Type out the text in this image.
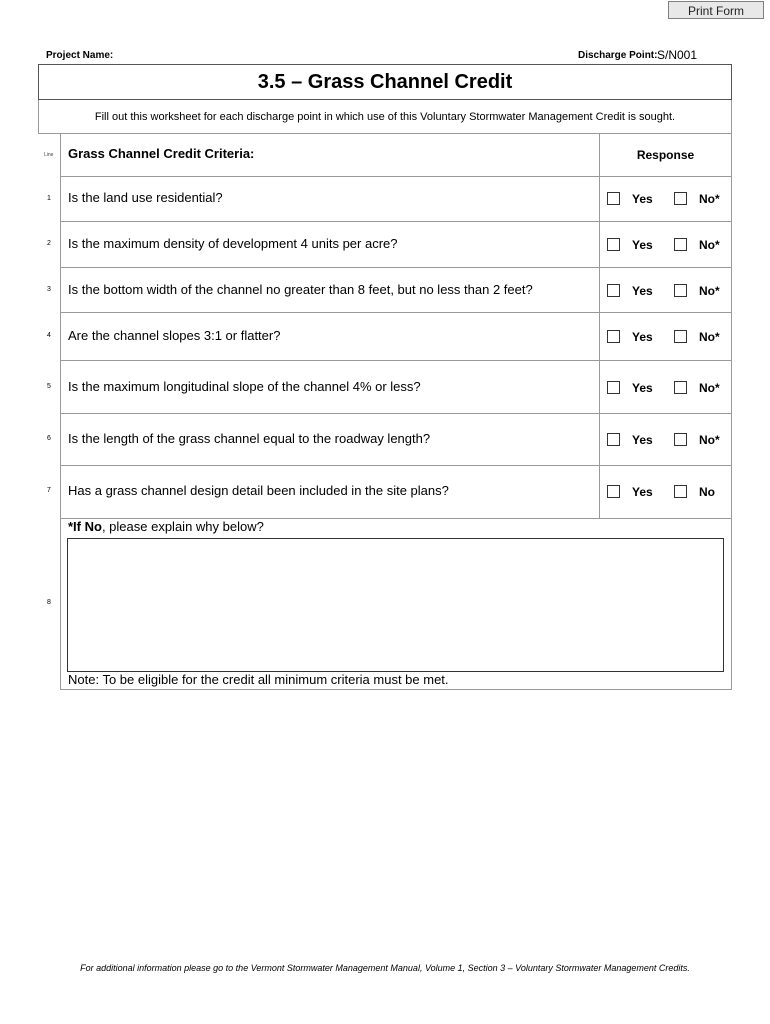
Print Form
Project Name:	Discharge Point: S/N001
3.5 – Grass Channel Credit
Fill out this worksheet for each discharge point in which use of this Voluntary Stormwater Management Credit is sought.
Line Grass Channel Credit Criteria:	Response
1	Is the land use residential?	Yes	No*
2	Is the maximum density of development 4 units per acre?	Yes	No*
3	Is the bottom width of the channel no greater than 8 feet, but no less than 2 feet?	Yes	No*
4	Are the channel slopes 3:1 or flatter?	Yes	No*
5	Is the maximum longitudinal slope of the channel 4% or less?	Yes	No*
6	Is the length of the grass channel equal to the roadway length?	Yes	No*
7	Has a grass channel design detail been included in the site plans?	Yes	No
*If No, please explain why below?
8
Note: To be eligible for the credit all minimum criteria must be met.
For additional information please go to the Vermont Stormwater Management Manual, Volume 1, Section 3 – Voluntary Stormwater Management Credits.
